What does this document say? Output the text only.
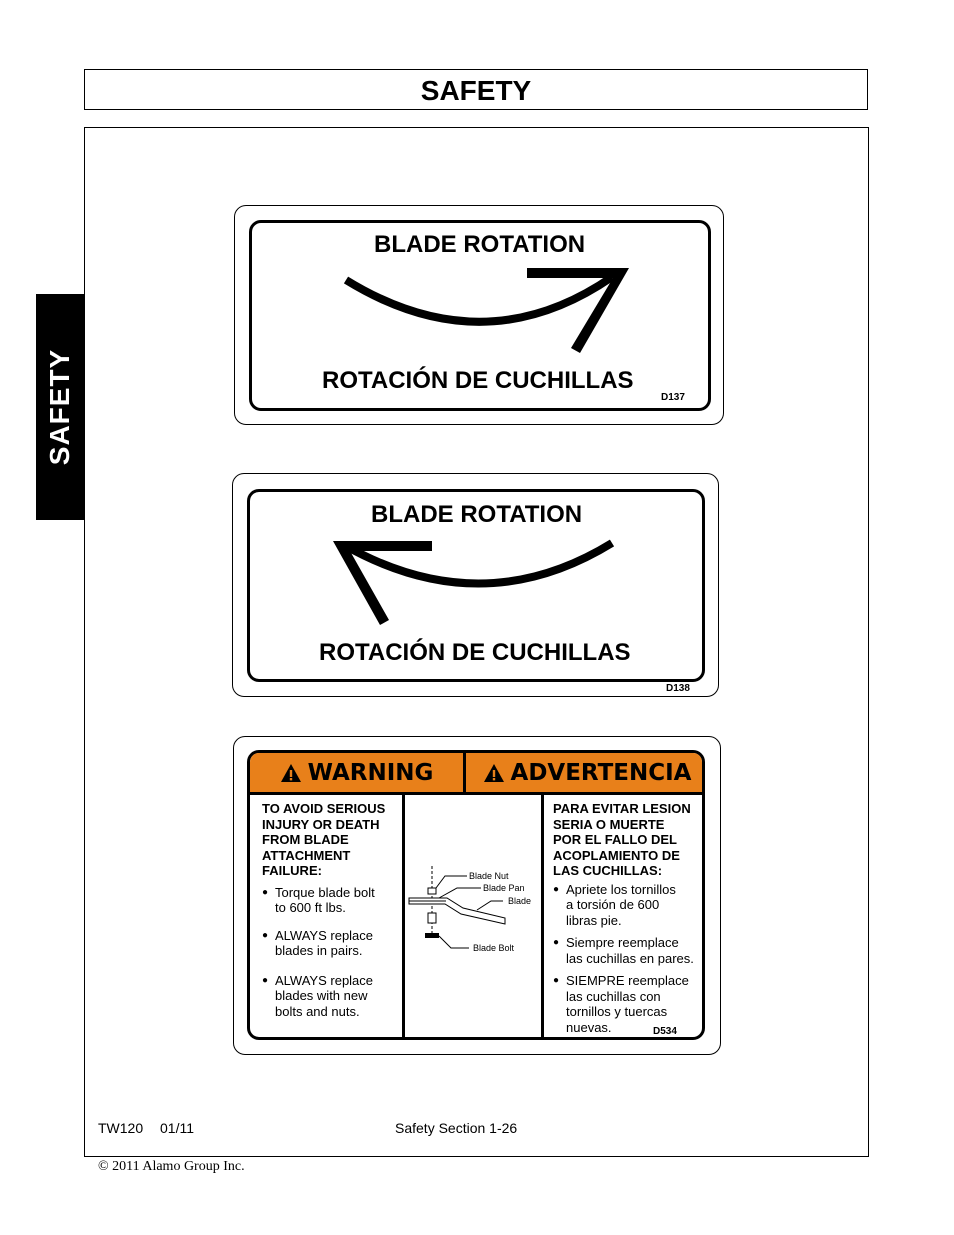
SAFETY
SAFETY
BLADE ROTATION
ROTACIÓN DE CUCHILLAS
D137
BLADE ROTATION
ROTACIÓN DE CUCHILLAS
D138
WARNING	ADVERTENCIA
TO AVOID SERIOUS
INJURY OR DEATH
FROM BLADE
ATTACHMENT
FAILURE:
● Torque blade bolt
to 600 ft lbs.
● ALWAYS replace
blades in pairs.
● ALWAYS replace
blades with new
bolts and nuts.
Blade Nut
Blade Pan
Blade
Blade Bolt
PARA EVITAR LESION
SERIA O MUERTE
POR EL FALLO DEL
ACOPLAMIENTO DE
LAS CUCHILLAS:
● Apriete los tornillos
a torsión de 600
libras pie.
● Siempre reemplace
las cuchillas en pares.
● SIEMPRE reemplace
las cuchillas con
tornillos y tuercas
nuevas.	D534
TW120 01/11	Safety Section 1-26
© 2011 Alamo Group Inc.
